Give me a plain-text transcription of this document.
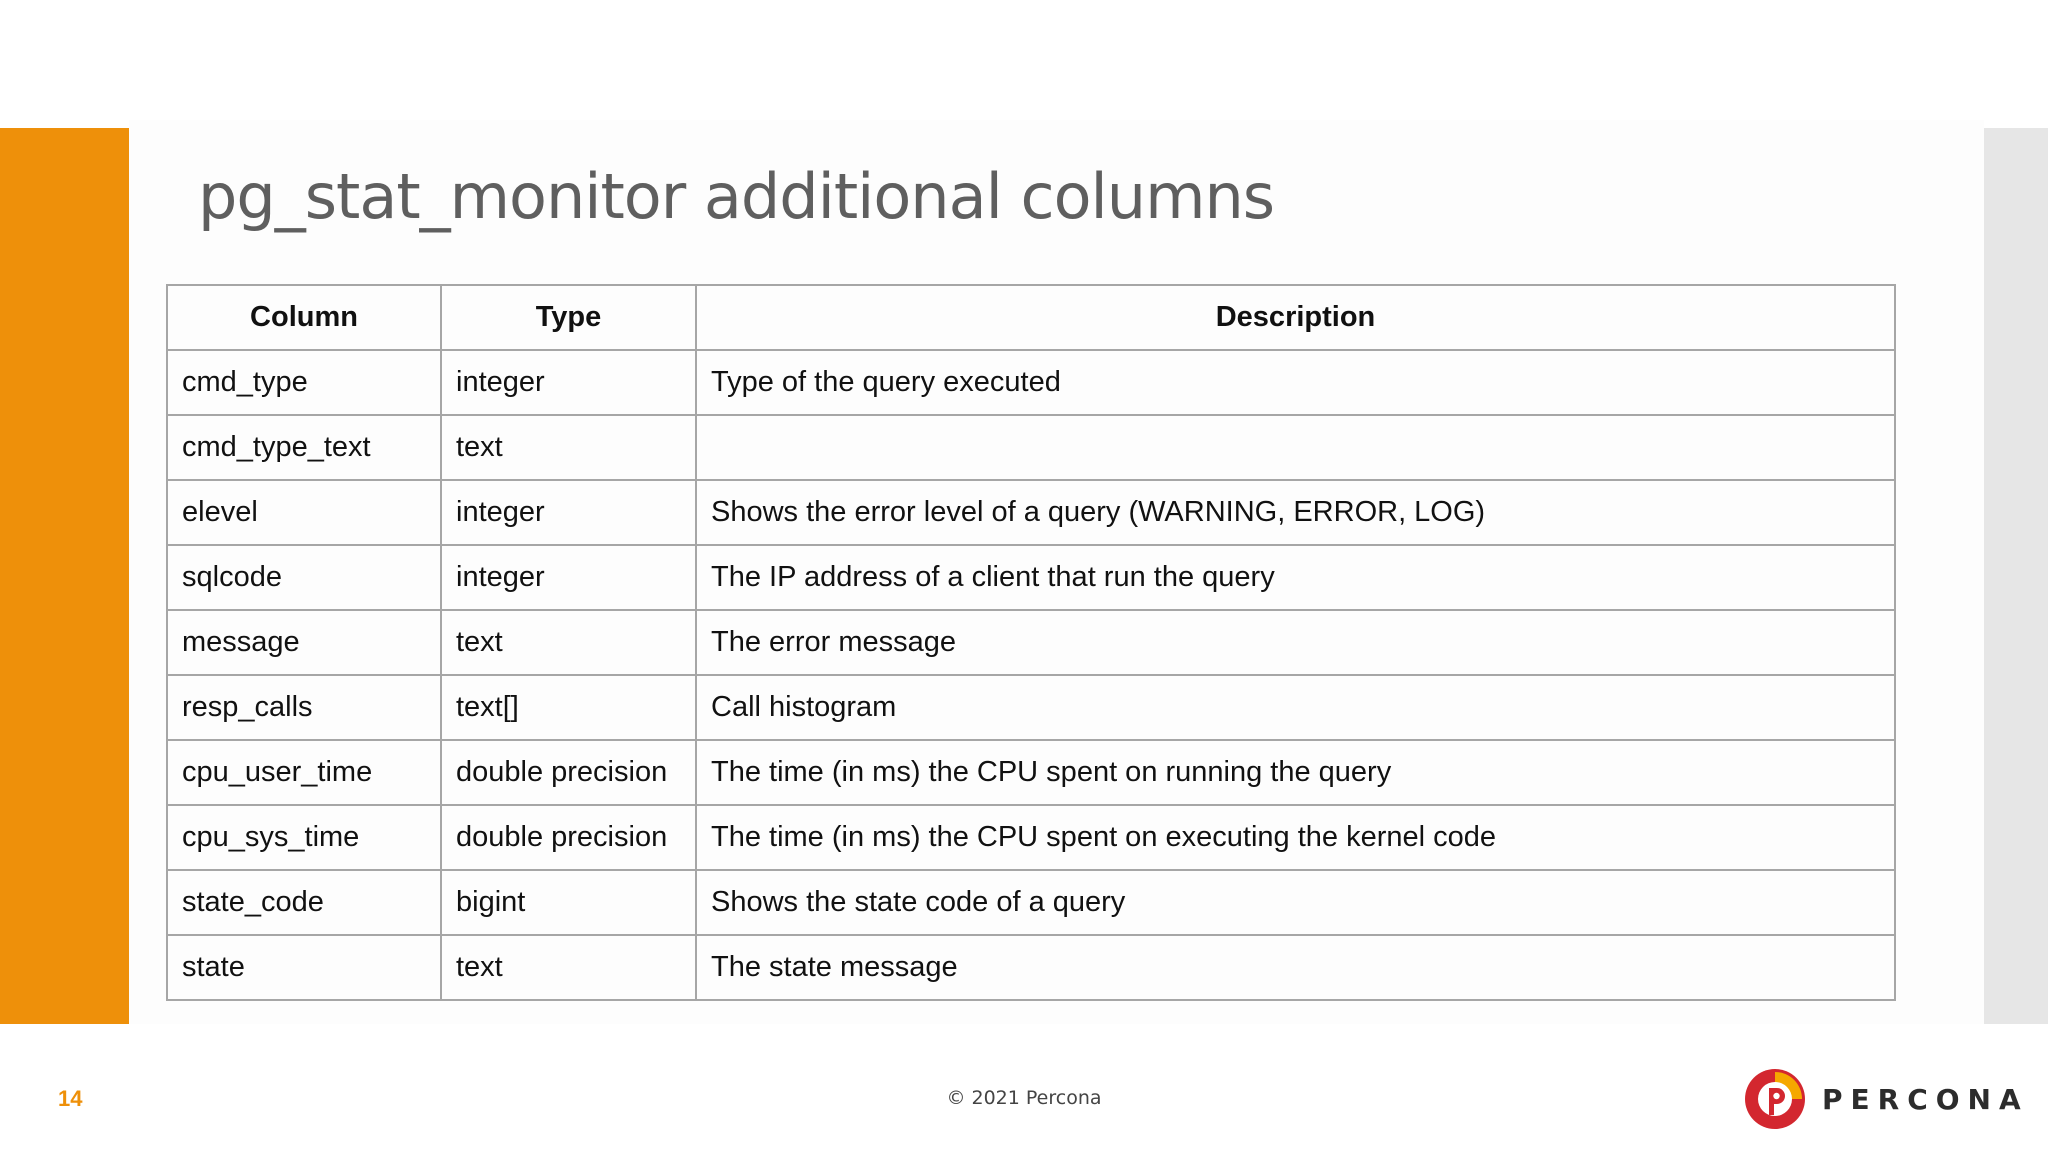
pg_stat_monitor additional columns
Column	Type	Description
cmd_type	integer	Type of the query executed
cmd_type_text	text	
elevel	integer	Shows the error level of a query (WARNING, ERROR, LOG)
sqlcode	integer	The IP address of a client that run the query
message	text	The error message
resp_calls	text[]	Call histogram
cpu_user_time	double precision	The time (in ms) the CPU spent on running the query
cpu_sys_time	double precision	The time (in ms) the CPU spent on executing the kernel code
state_code	bigint	Shows the state code of a query
state	text	The state message
14	© 2021 Percona	PERCONA
